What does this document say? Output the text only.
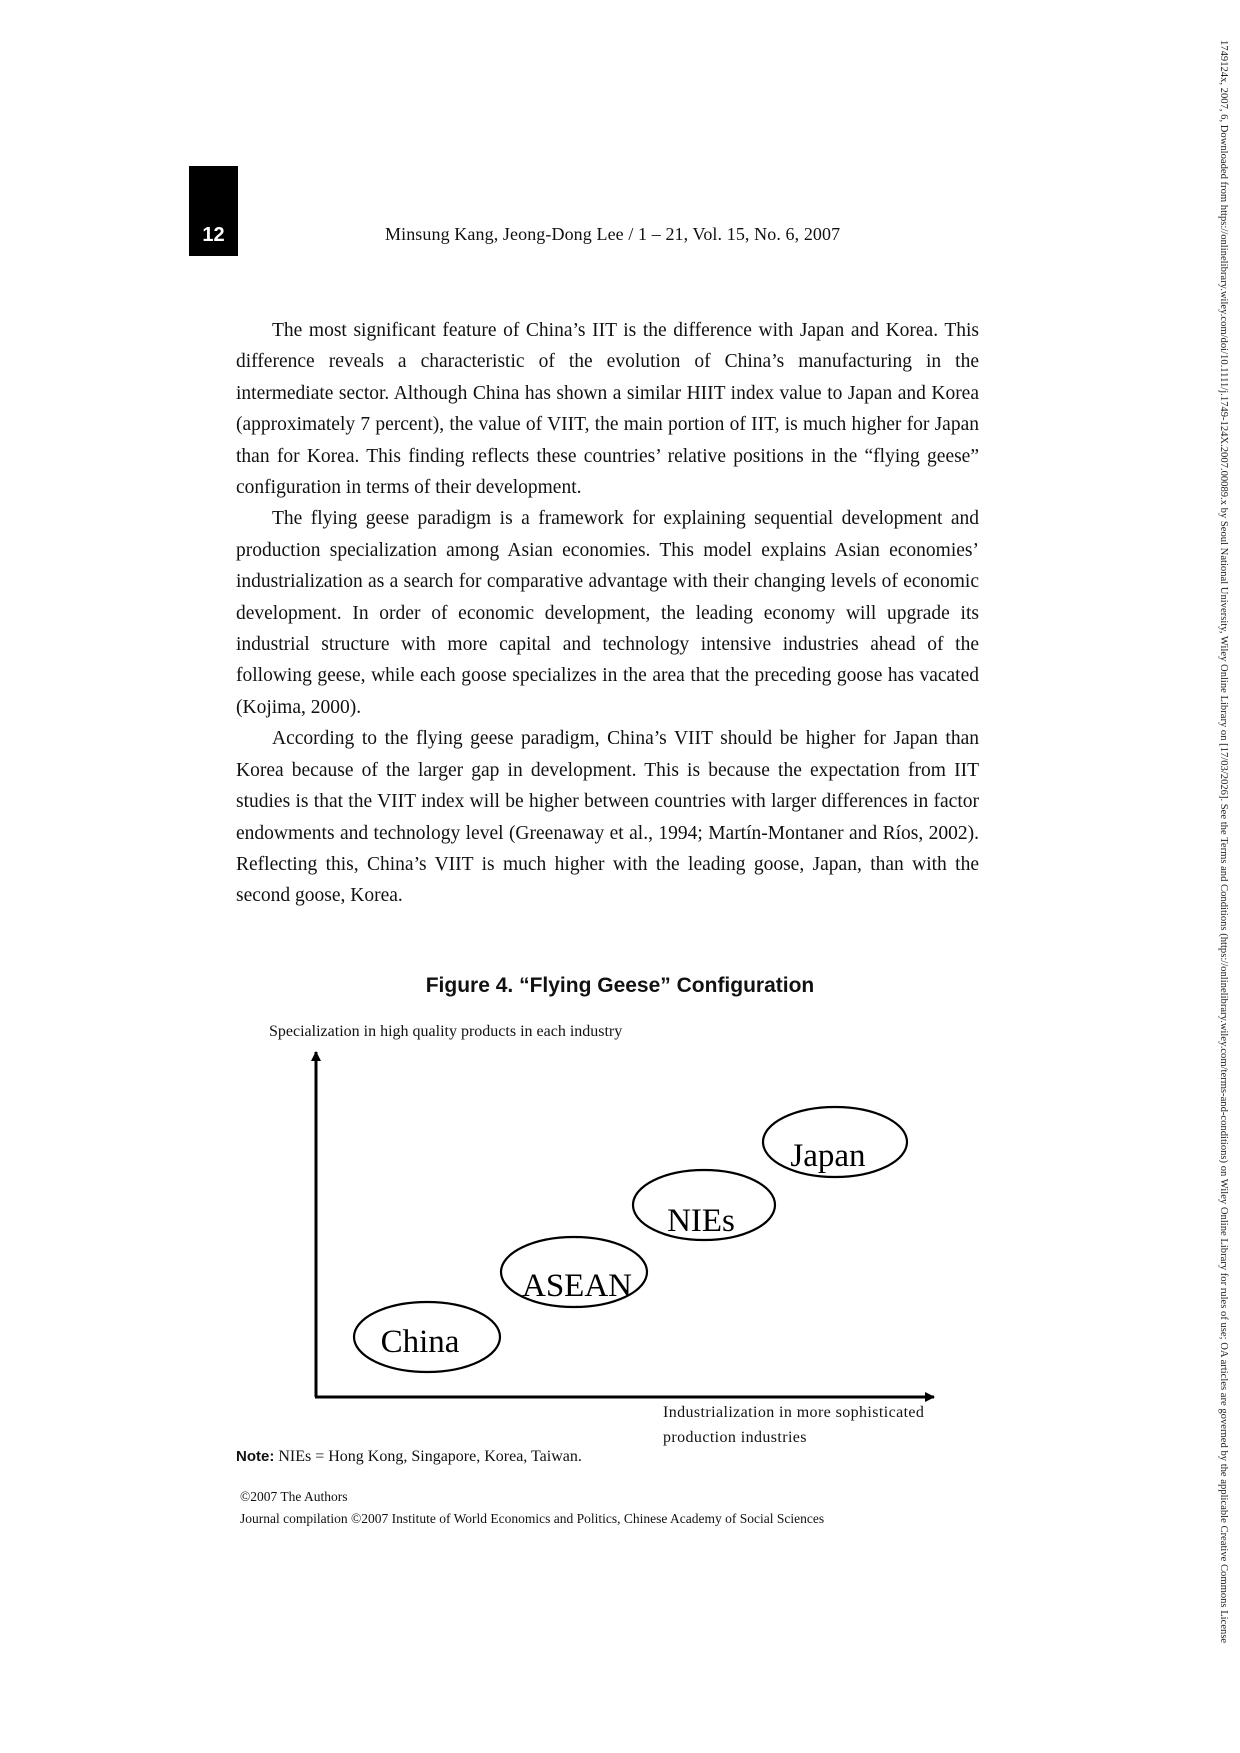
12	Minsung Kang, Jeong-Dong Lee / 1 – 21, Vol. 15, No. 6, 2007

The most significant feature of China’s IIT is the difference with Japan and Korea. This difference reveals a characteristic of the evolution of China’s manufacturing in the intermediate sector. Although China has shown a similar HIIT index value to Japan and Korea (approximately 7 percent), the value of VIIT, the main portion of IIT, is much higher for Japan than for Korea. This finding reflects these countries’ relative positions in the “flying geese” configuration in terms of their development.

The flying geese paradigm is a framework for explaining sequential development and production specialization among Asian economies. This model explains Asian economies’ industrialization as a search for comparative advantage with their changing levels of economic development. In order of economic development, the leading economy will upgrade its industrial structure with more capital and technology intensive industries ahead of the following geese, while each goose specializes in the area that the preceding goose has vacated (Kojima, 2000).

According to the flying geese paradigm, China’s VIIT should be higher for Japan than Korea because of the larger gap in development. This is because the expectation from IIT studies is that the VIIT index will be higher between countries with larger differences in factor endowments and technology level (Greenaway et al., 1994; Martín-Montaner and Ríos, 2002). Reflecting this, China’s VIIT is much higher with the leading goose, Japan, than with the second goose, Korea.

Figure 4. “Flying Geese” Configuration
Specialization in high quality products in each industry
China
ASEAN
NIEs
Japan
Industrialization in more sophisticated
production industries
Note: NIEs = Hong Kong, Singapore, Korea, Taiwan.
©2007 The Authors
Journal compilation ©2007 Institute of World Economics and Politics, Chinese Academy of Social Sciences	1749124x, 2007, 6, Downloaded from https://onlinelibrary.wiley.com/doi/10.1111/j.1749-124X.2007.00089.x by Seoul National University, Wiley Online Library on [17/03/2026]. See the Terms and Conditions (https://onlinelibrary.wiley.com/terms-and-conditions) on Wiley Online Library for rules of use; OA articles are governed by the applicable Creative Commons License
